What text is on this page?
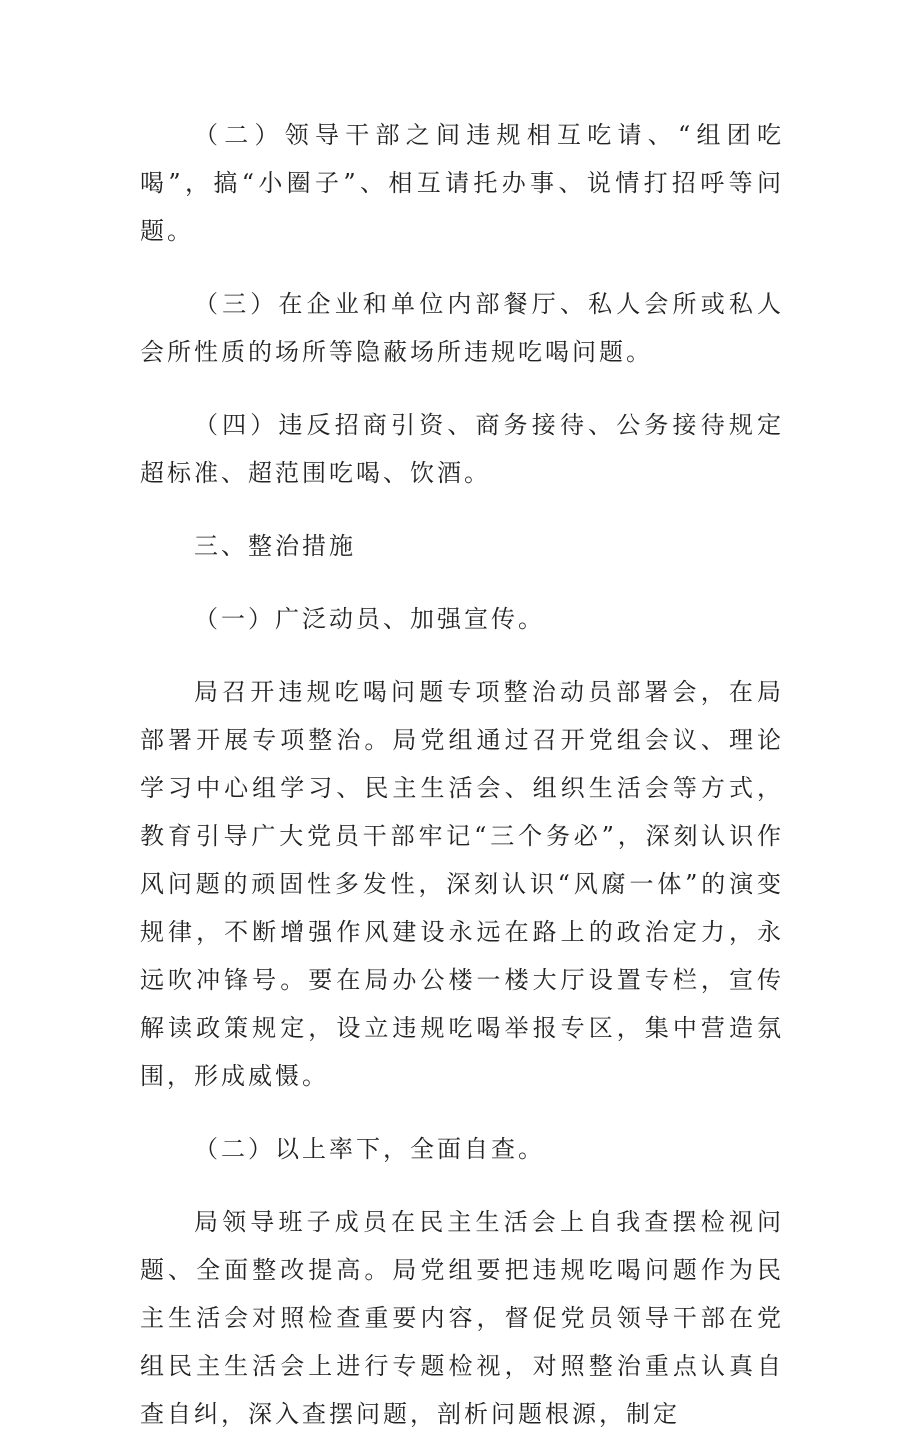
（二）领导干部之间违规相互吃请、“组团吃喝”，搞“小圈子”、相互请托办事、说情打招呼等问题。

（三）在企业和单位内部餐厅、私人会所或私人会所性质的场所等隐蔽场所违规吃喝问题。

（四）违反招商引资、商务接待、公务接待规定超标准、超范围吃喝、饮酒。

三、整治措施

（一）广泛动员、加强宣传。

局召开违规吃喝问题专项整治动员部署会，在局部署开展专项整治。局党组通过召开党组会议、理论学习中心组学习、民主生活会、组织生活会等方式，教育引导广大党员干部牢记“三个务必”，深刻认识作风问题的顽固性多发性，深刻认识“风腐一体”的演变规律，不断增强作风建设永远在路上的政治定力，永远吹冲锋号。要在局办公楼一楼大厅设置专栏，宣传解读政策规定，设立违规吃喝举报专区，集中营造氛围，形成威慑。

（二）以上率下，全面自查。

局领导班子成员在民主生活会上自我查摆检视问题、全面整改提高。局党组要把违规吃喝问题作为民主生活会对照检查重要内容，督促党员领导干部在党组民主生活会上进行专题检视，对照整治重点认真自查自纠，深入查摆问题，剖析问题根源，制定
